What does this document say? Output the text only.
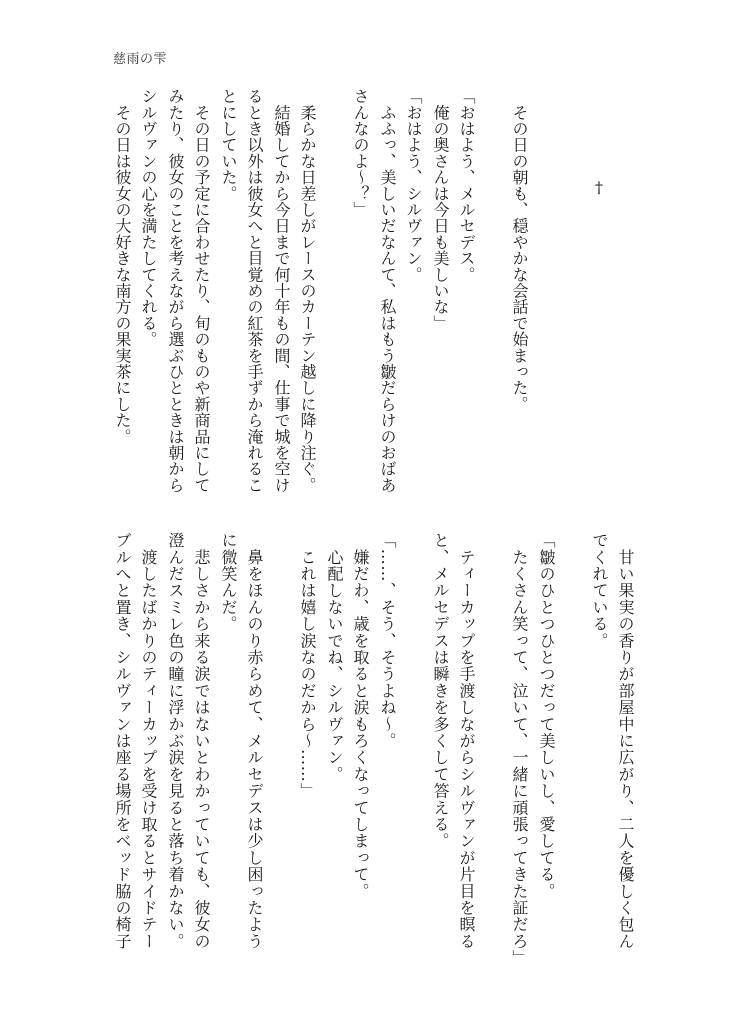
慈雨の雫
†
　その日の朝も、穏やかな会話で始まった。
「おはよう、メルセデス。
　俺の奥さんは今日も美しいな」
「おはよう、シルヴァン。
　ふふっ、美しいだなんて、私はもう皺だらけのおばあ
さんなのよ～？」
　柔らかな日差しがレースのカーテン越しに降り注ぐ。
　結婚してから今日まで何十年もの間、仕事で城を空け
るとき以外は彼女へと目覚めの紅茶を手ずから淹れるこ
とにしていた。
　その日の予定に合わせたり、旬のものや新商品にして
みたり、彼女のことを考えながら選ぶひとときは朝から
シルヴァンの心を満たしてくれる。
　その日は彼女の大好きな南方の果実茶にした。
　甘い果実の香りが部屋中に広がり、二人を優しく包ん
でくれている。
「皺のひとつひとつだって美しいし、愛してる。
　たくさん笑って、泣いて、一緒に頑張ってきた証だろ」
　ティーカップを手渡しながらシルヴァンが片目を瞑る
と、メルセデスは瞬きを多くして答える。
「……、そう、そうよね～。
　嫌だわ、歳を取ると涙もろくなってしまって。
　心配しないでね、シルヴァン。
　これは嬉し涙なのだから～……」
　鼻をほんのり赤らめて、メルセデスは少し困ったよう
に微笑んだ。
　悲しさから来る涙ではないとわかっていても、彼女の
澄んだスミレ色の瞳に浮かぶ涙を見ると落ち着かない。
　渡したばかりのティーカップを受け取るとサイドテー
ブルへと置き、シルヴァンは座る場所をベッド脇の椅子
